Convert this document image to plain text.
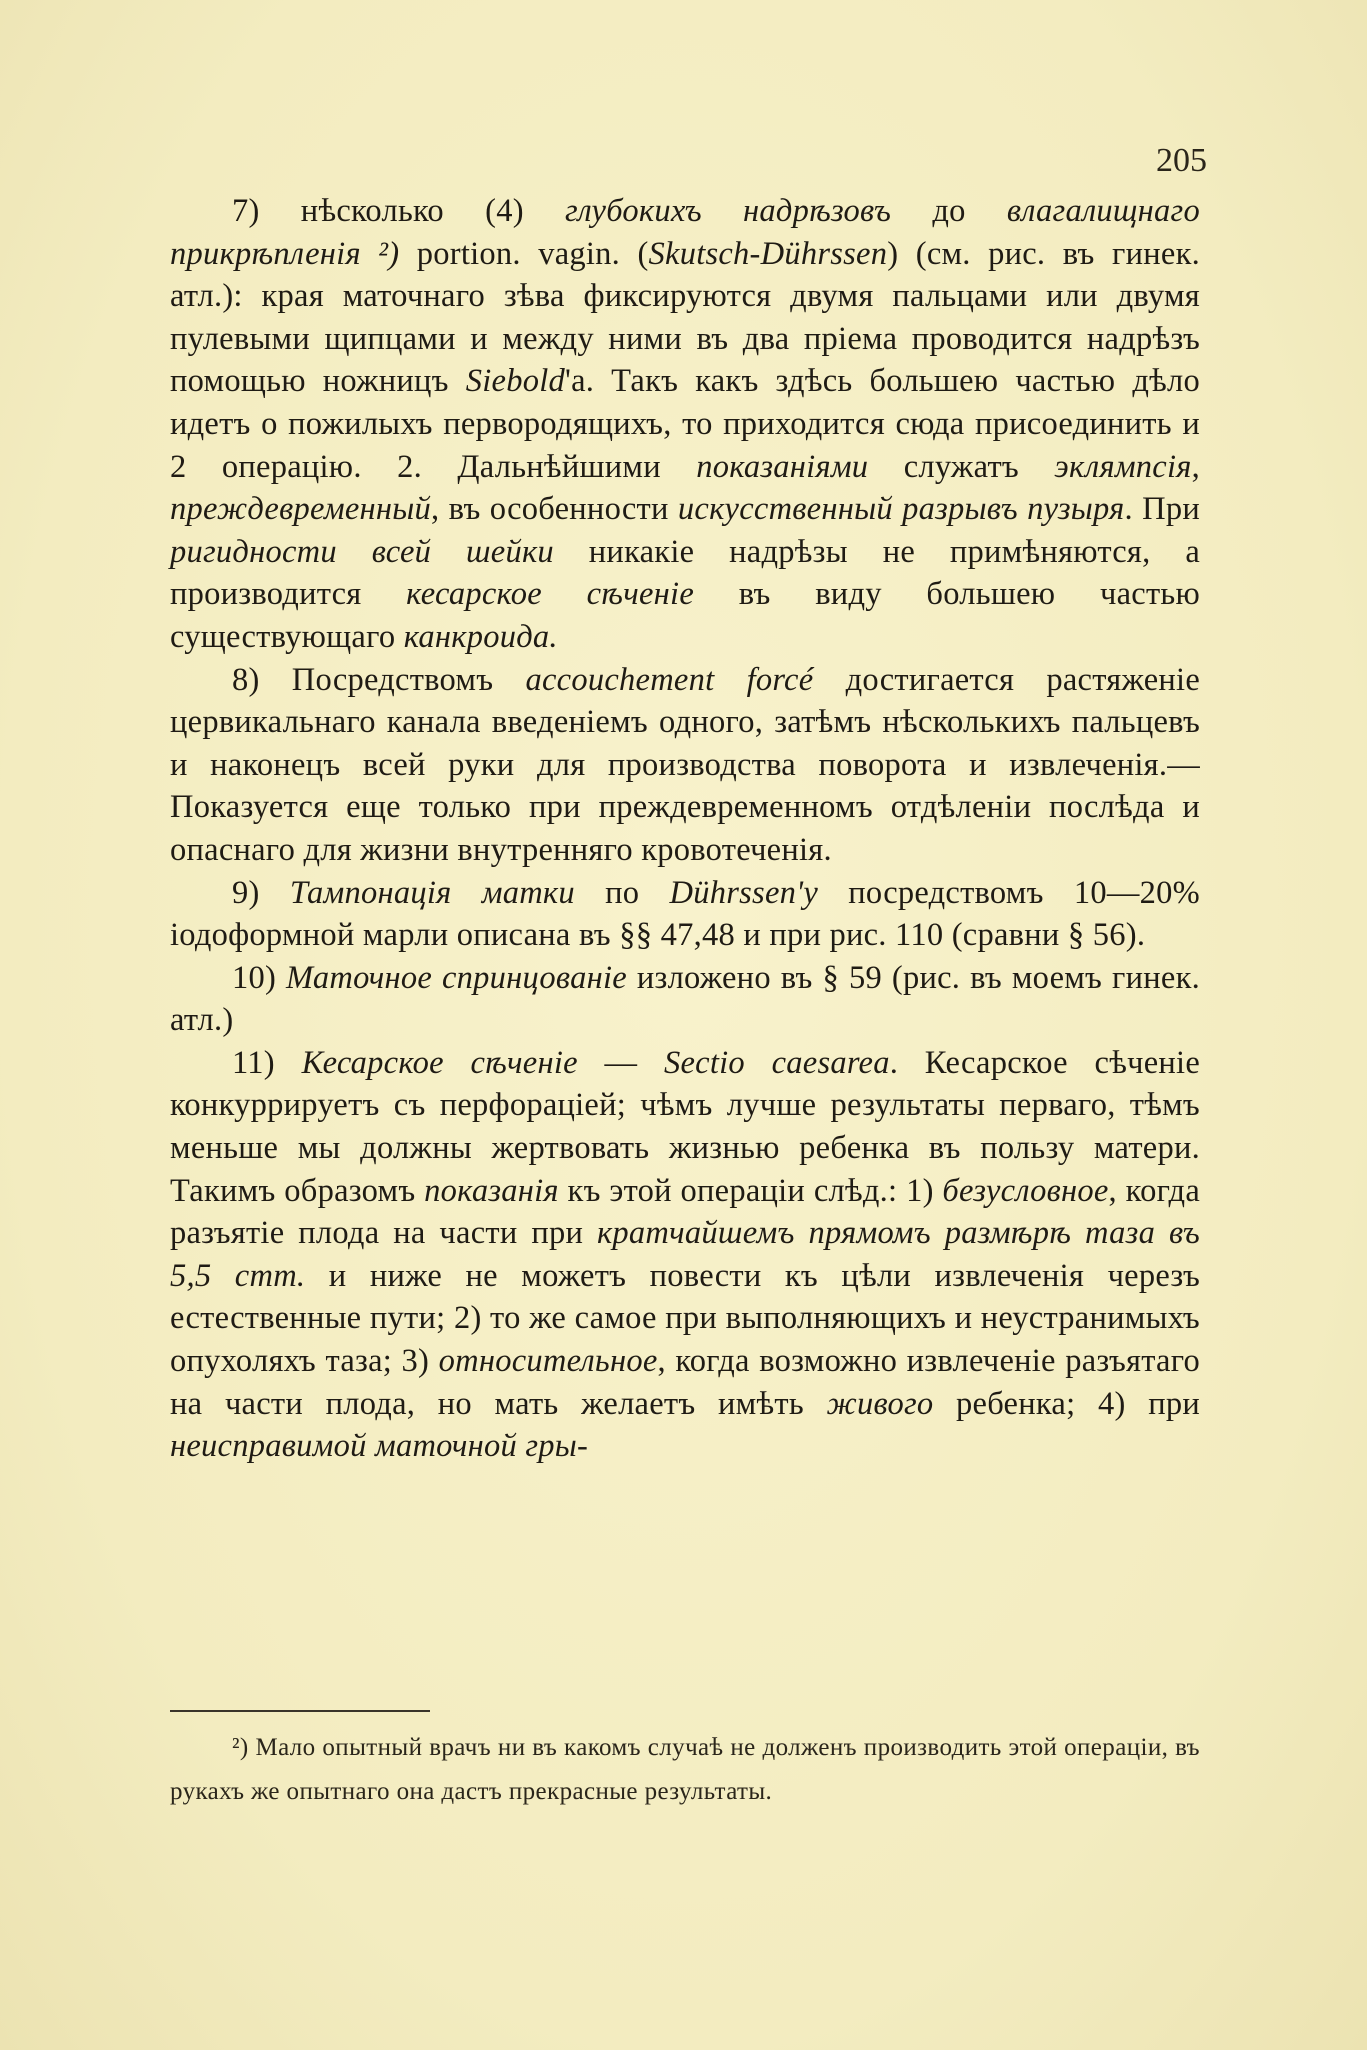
205

7) нѣсколько (4) глубокихъ надрѣзовъ до влагалищнаго прикрѣпленія ²) portion. vagin. (Skutsch-Dührssen) (см. рис. въ гинек. атл.): края маточнаго зѣва фиксируются двумя пальцами или двумя пулевыми щипцами и между ними въ два пріема проводится надрѣзъ помощью ножницъ Siebold'а. Такъ какъ здѣсь большею частью дѣло идетъ о пожилыхъ первородящихъ, то приходится сюда присоединить и 2 операцію. 2. Дальнѣйшими показаніями служатъ эклямпсія, преждевременный, въ особенности искусственный разрывъ пузыря. При ригидности всей шейки никакіе надрѣзы не примѣняются, а производится кесарское сѣченіе въ виду большею частью существующаго канкроида.

8) Посредствомъ accouchement forcé достигается растяженіе цервикальнаго канала введеніемъ одного, затѣмъ нѣсколькихъ пальцевъ и наконецъ всей руки для производства поворота и извлеченія.—Показуется еще только при преждевременномъ отдѣленіи послѣда и опаснаго для жизни внутренняго кровотеченія.

9) Тампонація матки по Dührssen'у посредствомъ 10—20% іодоформной марли описана въ §§ 47,48 и при рис. 110 (сравни § 56).

10) Маточное спринцованіе изложено въ § 59 (рис. въ моемъ гинек. атл.)

11) Кесарское сѣченіе — Sectio caesarea. Кесарское сѣченіе конкуррируетъ съ перфораціей; чѣмъ лучше результаты перваго, тѣмъ меньше мы должны жертвовать жизнью ребенка въ пользу матери. Такимъ образомъ показанія къ этой операціи слѣд.: 1) безусловное, когда разъятіе плода на части при кратчайшемъ прямомъ размѣрѣ таза въ 5,5 cmm. и ниже не можетъ повести къ цѣли извлеченія черезъ естественные пути; 2) то же самое при выполняющихъ и неустранимыхъ опухоляхъ таза; 3) относительное, когда возможно извлеченіе разъятаго на части плода, но мать желаетъ имѣть живого ребенка; 4) при неисправимой маточной гры-

²) Мало опытный врачъ ни въ какомъ случаѣ не долженъ производить этой операціи, въ рукахъ же опытнаго она дастъ прекрасные результаты.
